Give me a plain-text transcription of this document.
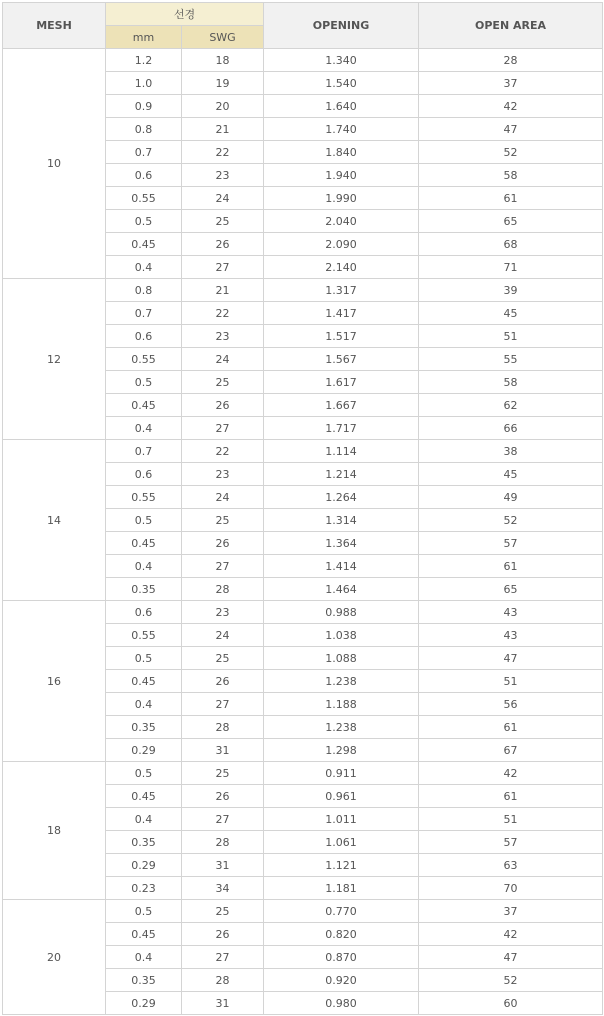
MESH	선경		OPENING	OPEN AREA
	mm	SWG		
10	1.2	18	1.340	28
	1.0	19	1.540	37
	0.9	20	1.640	42
	0.8	21	1.740	47
	0.7	22	1.840	52
	0.6	23	1.940	58
	0.55	24	1.990	61
	0.5	25	2.040	65
	0.45	26	2.090	68
	0.4	27	2.140	71
12	0.8	21	1.317	39
	0.7	22	1.417	45
	0.6	23	1.517	51
	0.55	24	1.567	55
	0.5	25	1.617	58
	0.45	26	1.667	62
	0.4	27	1.717	66
14	0.7	22	1.114	38
	0.6	23	1.214	45
	0.55	24	1.264	49
	0.5	25	1.314	52
	0.45	26	1.364	57
	0.4	27	1.414	61
	0.35	28	1.464	65
16	0.6	23	0.988	43
	0.55	24	1.038	43
	0.5	25	1.088	47
	0.45	26	1.238	51
	0.4	27	1.188	56
	0.35	28	1.238	61
	0.29	31	1.298	67
18	0.5	25	0.911	42
	0.45	26	0.961	61
	0.4	27	1.011	51
	0.35	28	1.061	57
	0.29	31	1.121	63
	0.23	34	1.181	70
20	0.5	25	0.770	37
	0.45	26	0.820	42
	0.4	27	0.870	47
	0.35	28	0.920	52
	0.29	31	0.980	60
